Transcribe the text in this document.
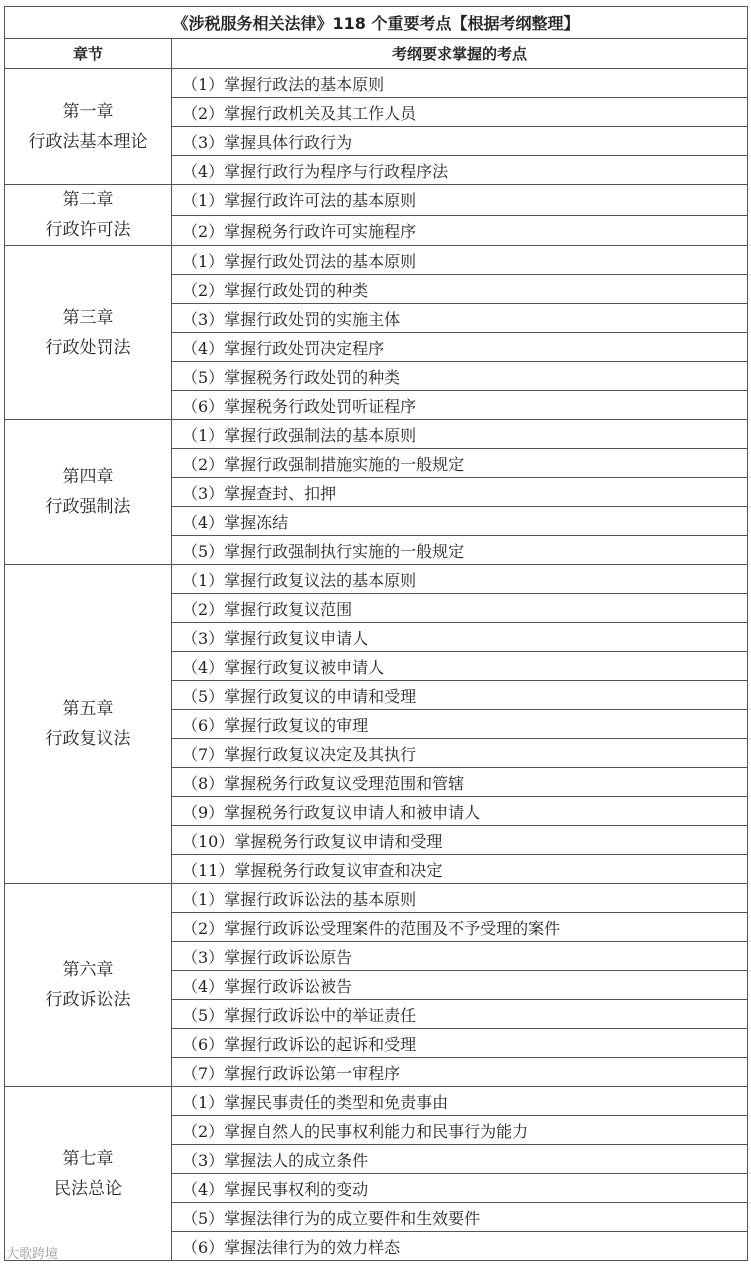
《涉税服务相关法律》118 个重要考点【根据考纲整理】	
章节	考纲要求掌握的考点

第一章
行政法基本理论	（1）掌握行政法的基本原则
	（2）掌握行政机关及其工作人员
	（3）掌握具体行政行为
	（4）掌握行政行为程序与行政程序法

第二章
行政许可法	（1）掌握行政许可法的基本原则
	（2）掌握税务行政许可实施程序

第三章
行政处罚法	（1）掌握行政处罚法的基本原则
	（2）掌握行政处罚的种类
	（3）掌握行政处罚的实施主体
	（4）掌握行政处罚决定程序
	（5）掌握税务行政处罚的种类
	（6）掌握税务行政处罚听证程序

第四章
行政强制法	（1）掌握行政强制法的基本原则
	（2）掌握行政强制措施实施的一般规定
	（3）掌握查封、扣押
	（4）掌握冻结
	（5）掌握行政强制执行实施的一般规定

第五章
行政复议法	（1）掌握行政复议法的基本原则
	（2）掌握行政复议范围
	（3）掌握行政复议申请人
	（4）掌握行政复议被申请人
	（5）掌握行政复议的申请和受理
	（6）掌握行政复议的审理
	（7）掌握行政复议决定及其执行
	（8）掌握税务行政复议受理范围和管辖
	（9）掌握税务行政复议申请人和被申请人
	（10）掌握税务行政复议申请和受理
	（11）掌握税务行政复议审查和决定

第六章
行政诉讼法	（1）掌握行政诉讼法的基本原则
	（2）掌握行政诉讼受理案件的范围及不予受理的案件
	（3）掌握行政诉讼原告
	（4）掌握行政诉讼被告
	（5）掌握行政诉讼中的举证责任
	（6）掌握行政诉讼的起诉和受理
	（7）掌握行政诉讼第一审程序

第七章
民法总论	（1）掌握民事责任的类型和免责事由
	（2）掌握自然人的民事权利能力和民事行为能力
	（3）掌握法人的成立条件
	（4）掌握民事权利的变动
	（5）掌握法律行为的成立要件和生效要件
	（6）掌握法律行为的效力样态
大歌跨境
